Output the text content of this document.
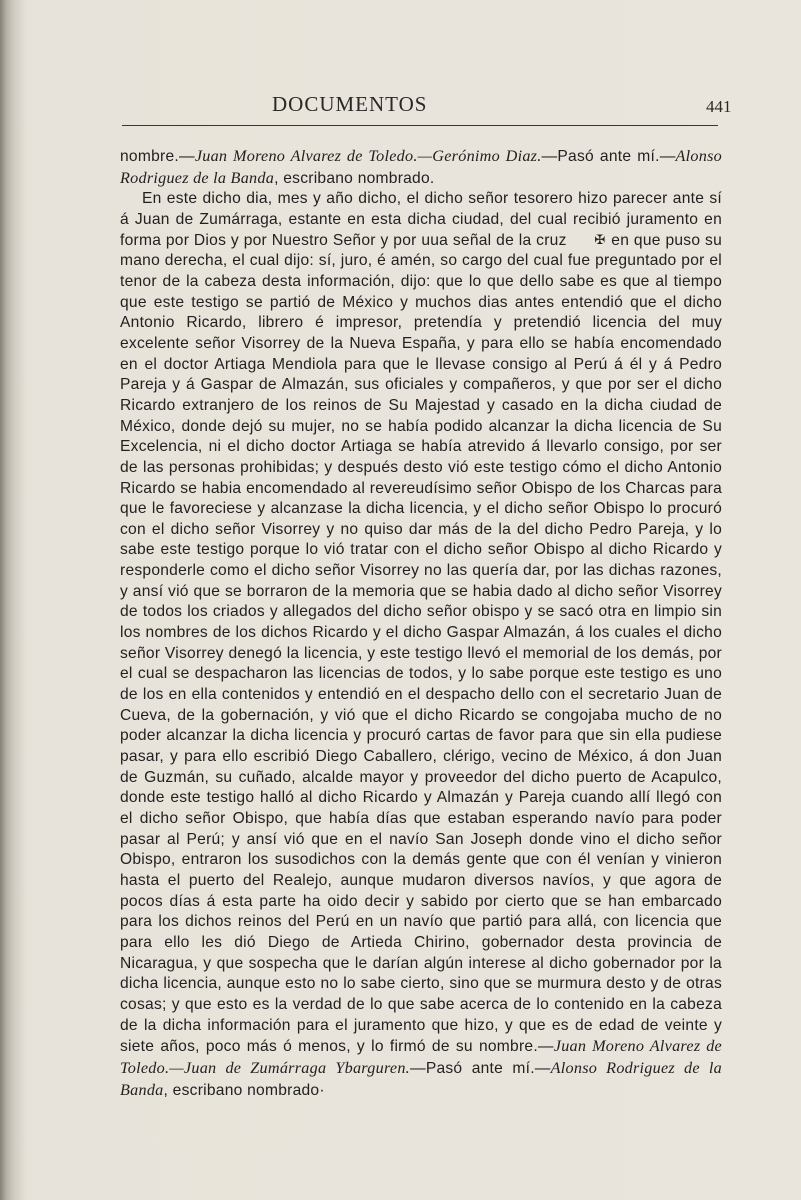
DOCUMENTOS	441

nombre.—Juan Moreno Alvarez de Toledo.—Gerónimo Diaz.—Pasó ante mí.—Alonso Rodriguez de la Banda, escribano nombrado.

En este dicho dia, mes y año dicho, el dicho señor tesorero hizo parecer ante sí á Juan de Zumárraga, estante en esta dicha ciudad, del cual recibió juramento en forma por Dios y por Nuestro Señor y por uua señal de la cruz ✠ en que puso su mano derecha, el cual dijo: sí, juro, é amén, so cargo del cual fue preguntado por el tenor de la cabeza desta información, dijo: que lo que dello sabe es que al tiempo que este testigo se partió de México y muchos dias antes entendió que el dicho Antonio Ricardo, librero é impresor, pretendía y pretendió licencia del muy excelente señor Visorrey de la Nueva España, y para ello se había encomendado en el doctor Artiaga Mendiola para que le llevase consigo al Perú á él y á Pedro Pareja y á Gaspar de Almazán, sus oficiales y compañeros, y que por ser el dicho Ricardo extranjero de los reinos de Su Majestad y casado en la dicha ciudad de México, donde dejó su mujer, no se había podido alcanzar la dicha licencia de Su Excelencia, ni el dicho doctor Artiaga se había atrevido á llevarlo consigo, por ser de las personas prohibidas; y después desto vió este testigo cómo el dicho Antonio Ricardo se habia encomendado al revereudísimo señor Obispo de los Charcas para que le favoreciese y alcanzase la dicha licencia, y el dicho señor Obispo lo procuró con el dicho señor Visorrey y no quiso dar más de la del dicho Pedro Pareja, y lo sabe este testigo porque lo vió tratar con el dicho señor Obispo al dicho Ricardo y responderle como el dicho señor Visorrey no las quería dar, por las dichas razones, y ansí vió que se borraron de la memoria que se habia dado al dicho señor Visorrey de todos los criados y allegados del dicho señor obispo y se sacó otra en limpio sin los nombres de los dichos Ricardo y el dicho Gaspar Almazán, á los cuales el dicho señor Visorrey denegó la licencia, y este testigo llevó el memorial de los demás, por el cual se despacharon las licencias de todos, y lo sabe porque este testigo es uno de los en ella contenidos y entendió en el despacho dello con el secretario Juan de Cueva, de la gobernación, y vió que el dicho Ricardo se congojaba mucho de no poder alcanzar la dicha licencia y procuró cartas de favor para que sin ella pudiese pasar, y para ello escribió Diego Caballero, clérigo, vecino de México, á don Juan de Guzmán, su cuñado, alcalde mayor y proveedor del dicho puerto de Acapulco, donde este testigo halló al dicho Ricardo y Almazán y Pareja cuando allí llegó con el dicho señor Obispo, que había días que estaban esperando navío para poder pasar al Perú; y ansí vió que en el navío San Joseph donde vino el dicho señor Obispo, entraron los susodichos con la demás gente que con él venían y vinieron hasta el puerto del Realejo, aunque mudaron diversos navíos, y que agora de pocos días á esta parte ha oido decir y sabido por cierto que se han embarcado para los dichos reinos del Perú en un navío que partió para allá, con licencia que para ello les dió Diego de Artieda Chirino, gobernador desta provincia de Nicaragua, y que sospecha que le darían algún interese al dicho gobernador por la dicha licencia, aunque esto no lo sabe cierto, sino que se murmura desto y de otras cosas; y que esto es la verdad de lo que sabe acerca de lo contenido en la cabeza de la dicha información para el juramento que hizo, y que es de edad de veinte y siete años, poco más ó menos, y lo firmó de su nombre.—Juan Moreno Alvarez de Toledo.—Juan de Zumárraga Ybarguren.—Pasó ante mí.—Alonso Rodriguez de la Banda, escribano nombrado·
